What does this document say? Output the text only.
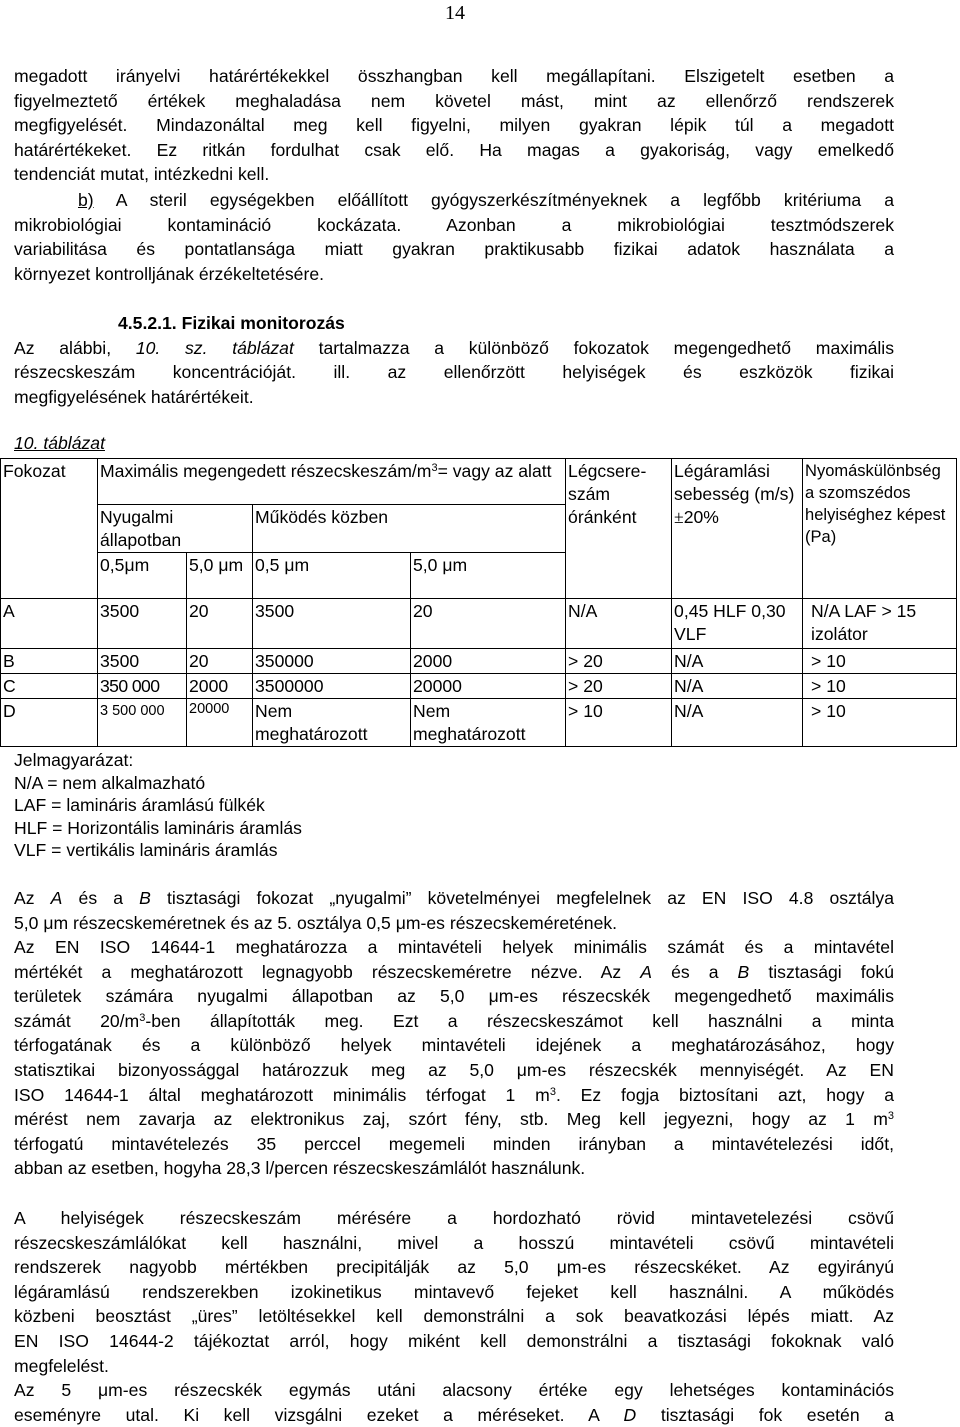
14

megadott irányelvi határértékekkel összhangban kell megállapítani. Elszigetelt esetben a

figyelmeztető értékek meghaladása nem követel mást, mint az ellenőrző rendszerek

megfigyelését. Mindazonáltal meg kell figyelni, milyen gyakran lépik túl a megadott

határértékeket. Ez ritkán fordulhat csak elő. Ha magas a gyakoriság, vagy emelkedő

tendenciát mutat, intézkedni kell.

b) A steril egységekben előállított gyógyszerkészítményeknek a legfőbb kritériuma a

mikrobiológiai kontamináció kockázata. Azonban a mikrobiológiai tesztmódszerek

variabilitása és pontatlansága miatt gyakran praktikusabb fizikai adatok használata a

környezet kontrolljának érzékeltetésére.

4.5.2.1. Fizikai monitorozás

Az alábbi, 10. sz. táblázat tartalmazza a különböző fokozatok megengedhető maximális

részecskeszám koncentrációját. ill. az ellenőrzött helyiségek és eszközök fizikai

megfigyelésének határértékeit.

10. táblázat
Fokozat	Maximális megengedett részecskeszám/$m^3=$ vagy az alatt				Légcsereszám óránként	Légáramlási sebesség (m/s) ±20%	Nyomáskülönbség a szomszédos helyiséghez képest (Pa)
	Nyugalmi állapotban		Működés közben				
	0,5μm	5,0 μm	0,5 μm	5,0 μm			
A	3500	20	3500	20	N/A	0,45 HLF 0,30 VLF	N/A LAF > 15 izolátor
B	3500	20	350000	2000	> 20	N/A	> 10
C	350 000	2000	3500000	20000	> 20	N/A	> 10
D	3 500 000	20000	Nem meghatározott	Nem meghatározott	> 10	N/A	> 10
Jelmagyarázat:
N/A = nem alkalmazható
LAF = lamináris áramlású fülkék
HLF = Horizontális lamináris áramlás
VLF = vertikális lamináris áramlás

Az A és a B tisztasági fokozat „nyugalmi” követelményei megfelelnek az EN ISO 4.8 osztálya

5,0 μm részecskeméretnek és az 5. osztálya 0,5 μm-es részecskeméretének.

Az EN ISO 14644-1 meghatározza a mintavételi helyek minimális számát és a mintavétel

mértékét a meghatározott legnagyobb részecskeméretre nézve. Az A és a B tisztasági fokú

területek számára nyugalmi állapotban az 5,0 μm-es részecskék megengedhető maximális

számát $20/m^3$-ben állapították meg. Ezt a részecskeszámot kell használni a minta

térfogatának és a különböző helyek mintavételi idejének a meghatározásához, hogy

statisztikai bizonyossággal határozzuk meg az 5,0 μm-es részecskék mennyiségét. Az EN

ISO 14644-1 által meghatározott minimális térfogat 1 $m^3$. Ez fogja biztosítani azt, hogy a

mérést nem zavarja az elektronikus zaj, szórt fény, stb. Meg kell jegyezni, hogy az 1 $m^3$

térfogatú mintavételezés 35 perccel megemeli minden irányban a mintavételezési időt,

abban az esetben, hogyha 28,3 l/percen részecskeszámlálót használunk.

A helyiségek részecskeszám mérésére a hordozható rövid mintavetelezési csövű

részecskeszámlálókat kell használni, mivel a hosszú mintavételi csövű mintavételi

rendszerek nagyobb mértékben precipitálják az 5,0 μm-es részecskéket. Az egyirányú

légáramlású rendszerekben izokinetikus mintavevő fejeket kell használni. A működés

közbeni beosztást „üres” letöltésekkel kell demonstrálni a sok beavatkozási lépés miatt. Az

EN ISO 14644-2 tájékoztat arról, hogy miként kell demonstrálni a tisztasági fokoknak való

megfelelést.

Az 5 μm-es részecskék egymás utáni alacsony értéke egy lehetséges kontaminációs

eseményre utal. Ki kell vizsgálni ezeket a méréseket. A D tisztasági fok esetén a
